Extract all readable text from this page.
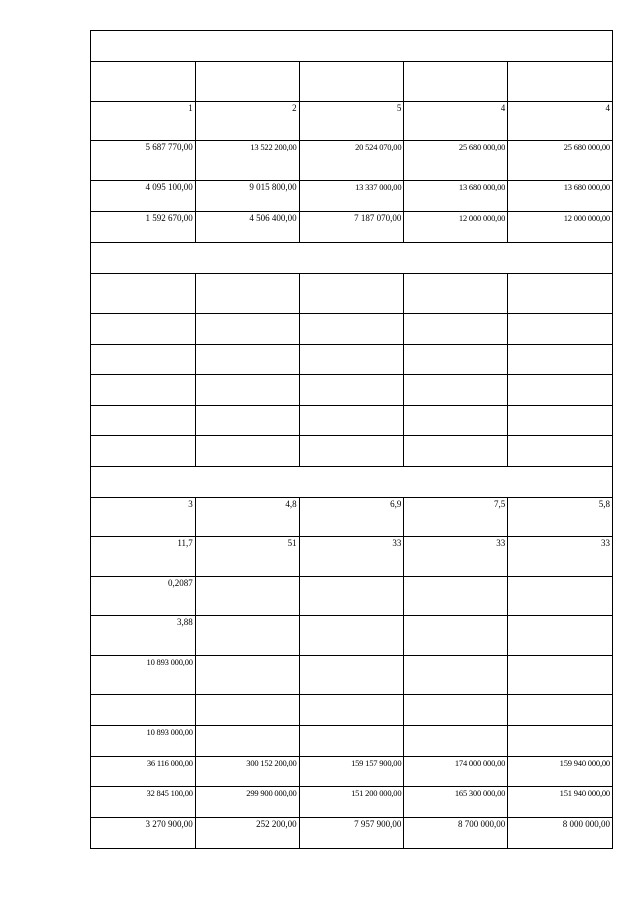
1	2	5	4	4
5 687 770,00	13 522 200,00	20 524 070,00	25 680 000,00	25 680 000,00
4 095 100,00	9 015 800,00	13 337 000,00	13 680 000,00	13 680 000,00
1 592 670,00	4 506 400,00	7 187 070,00	12 000 000,00	12 000 000,00
3	4,8	6,9	7,5	5,8
11,7	51	33	33	33
0,2087
3,88
10 893 000,00
10 893 000,00
36 116 000,00	300 152 200,00	159 157 900,00	174 000 000,00	159 940 000,00
32 845 100,00	299 900 000,00	151 200 000,00	165 300 000,00	151 940 000,00
3 270 900,00	252 200,00	7 957 900,00	8 700 000,00	8 000 000,00
